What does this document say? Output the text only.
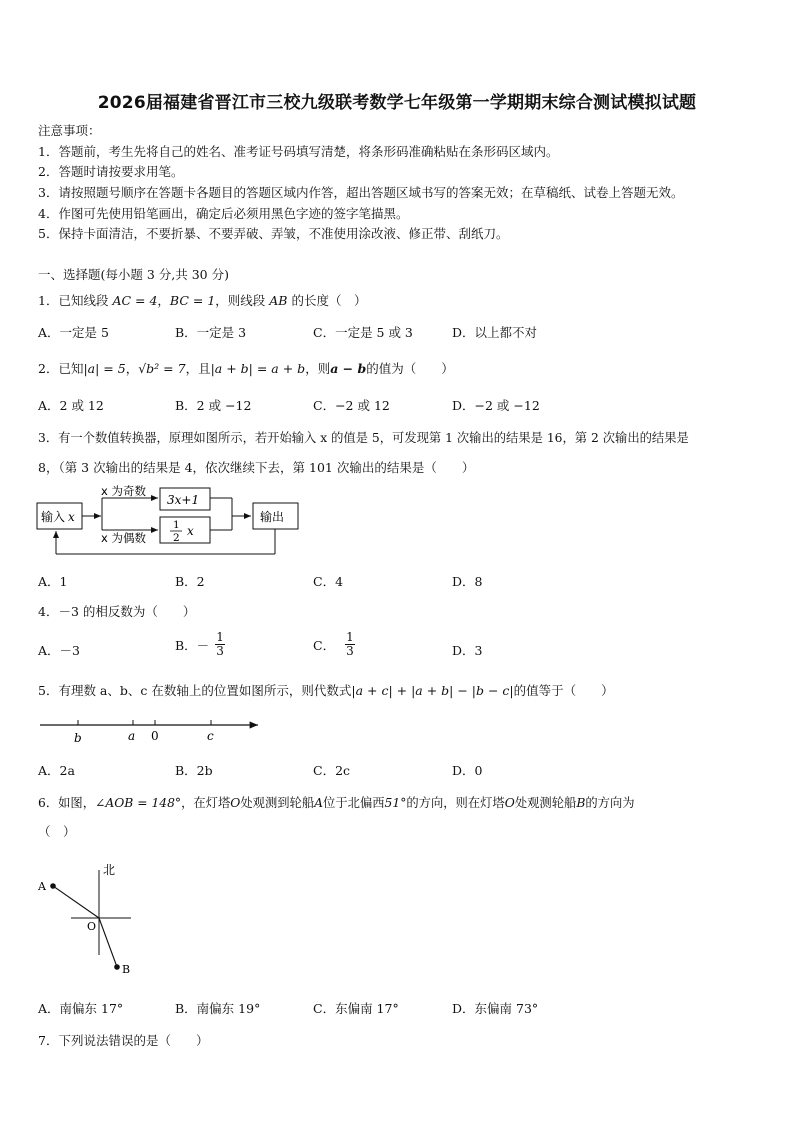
2026届福建省晋江市三校九级联考数学七年级第一学期期末综合测试模拟试题
注意事项：
1．答题前，考生先将自己的姓名、准考证号码填写清楚，将条形码准确粘贴在条形码区域内。
2．答题时请按要求用笔。
3．请按照题号顺序在答题卡各题目的答题区域内作答，超出答题区域书写的答案无效；在草稿纸、试卷上答题无效。
4．作图可先使用铅笔画出，确定后必须用黑色字迹的签字笔描黑。
5．保持卡面清洁，不要折暴、不要弄破、弄皱，不准使用涂改液、修正带、刮纸刀。
一、选择题(每小题 3 分,共 30 分)
1．已知线段 AC = 4，BC = 1，则线段 AB 的长度（　）
A．一定是 5	B．一定是 3	C．一定是 5 或 3	D．以上都不对
2．已知|a| = 5，√b² = 7，且|a + b| = a + b，则a − b的值为（　　）
A．2 或 12	B．2 或 −12	C．−2 或 12	D．−2 或 −12
3．有一个数值转换器，原理如图所示，若开始输入 x 的值是 5，可发现第 1 次输出的结果是 16，第 2 次输出的结果是
8，（第 3 次输出的结果是 4，依次继续下去，第 101 次输出的结果是（　　）
输入 x
x 为奇数
x 为偶数
3x+1
1
2 x
输出
A．1	B．2	C．4	D．8
4．－3 的相反数为（　　）
A．－3	B．－ $\frac{1}{3}$	C． $\frac{1}{3}$	D．3
5．有理数 a、b、c 在数轴上的位置如图所示，则代数式|a + c| + |a + b| − |b − c|的值等于（　　）
b	a 0	c
A．2a	B．2b	C．2c	D．0
6．如图，∠AOB = 148°，在灯塔O处观测到轮船A位于北偏西51°的方向，则在灯塔O处观测轮船B的方向为
（　）
北
A
O
B
A．南偏东 17°	B．南偏东 19°	C．东偏南 17°	D．东偏南 73°
7．下列说法错误的是（　　）
